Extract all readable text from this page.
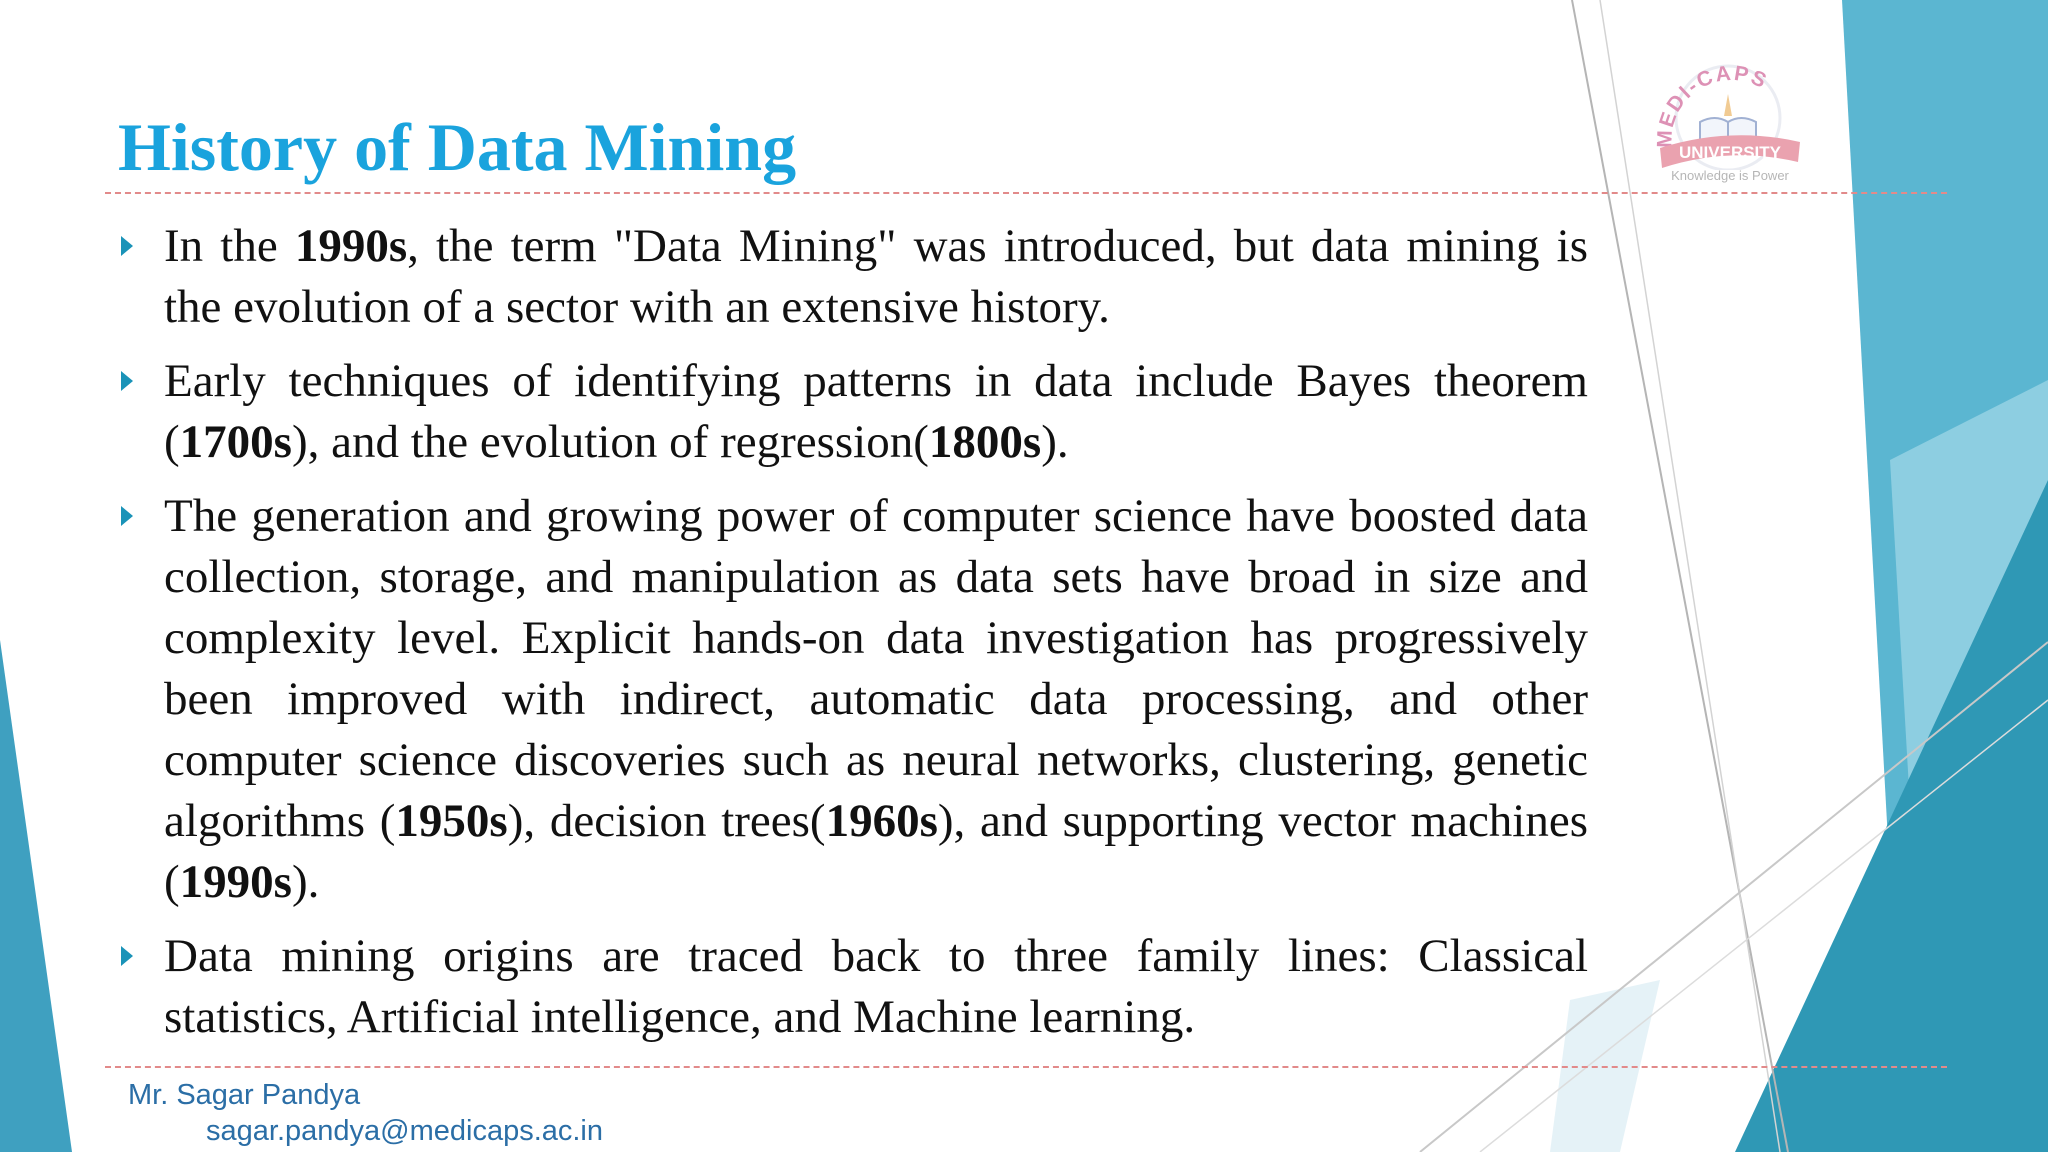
MEDI-CAPS
UNIVERSITY
Knowledge is Power
History of Data Mining
In the 1990s, the term "Data Mining" was introduced, but data mining is the evolution of a sector with an extensive history.
Early techniques of identifying patterns in data include Bayes theorem (1700s), and the evolution of regression(1800s).
The generation and growing power of computer science have boosted data collection, storage, and manipulation as data sets have broad in size and complexity level. Explicit hands-on data investigation has progressively been improved with indirect, automatic data processing, and other computer science discoveries such as neural networks, clustering, genetic algorithms (1950s), decision trees(1960s), and supporting vector machines (1990s).
Data mining origins are traced back to three family lines: Classical statistics, Artificial intelligence, and Machine learning.
Mr. Sagar Pandya
sagar.pandya@medicaps.ac.in
